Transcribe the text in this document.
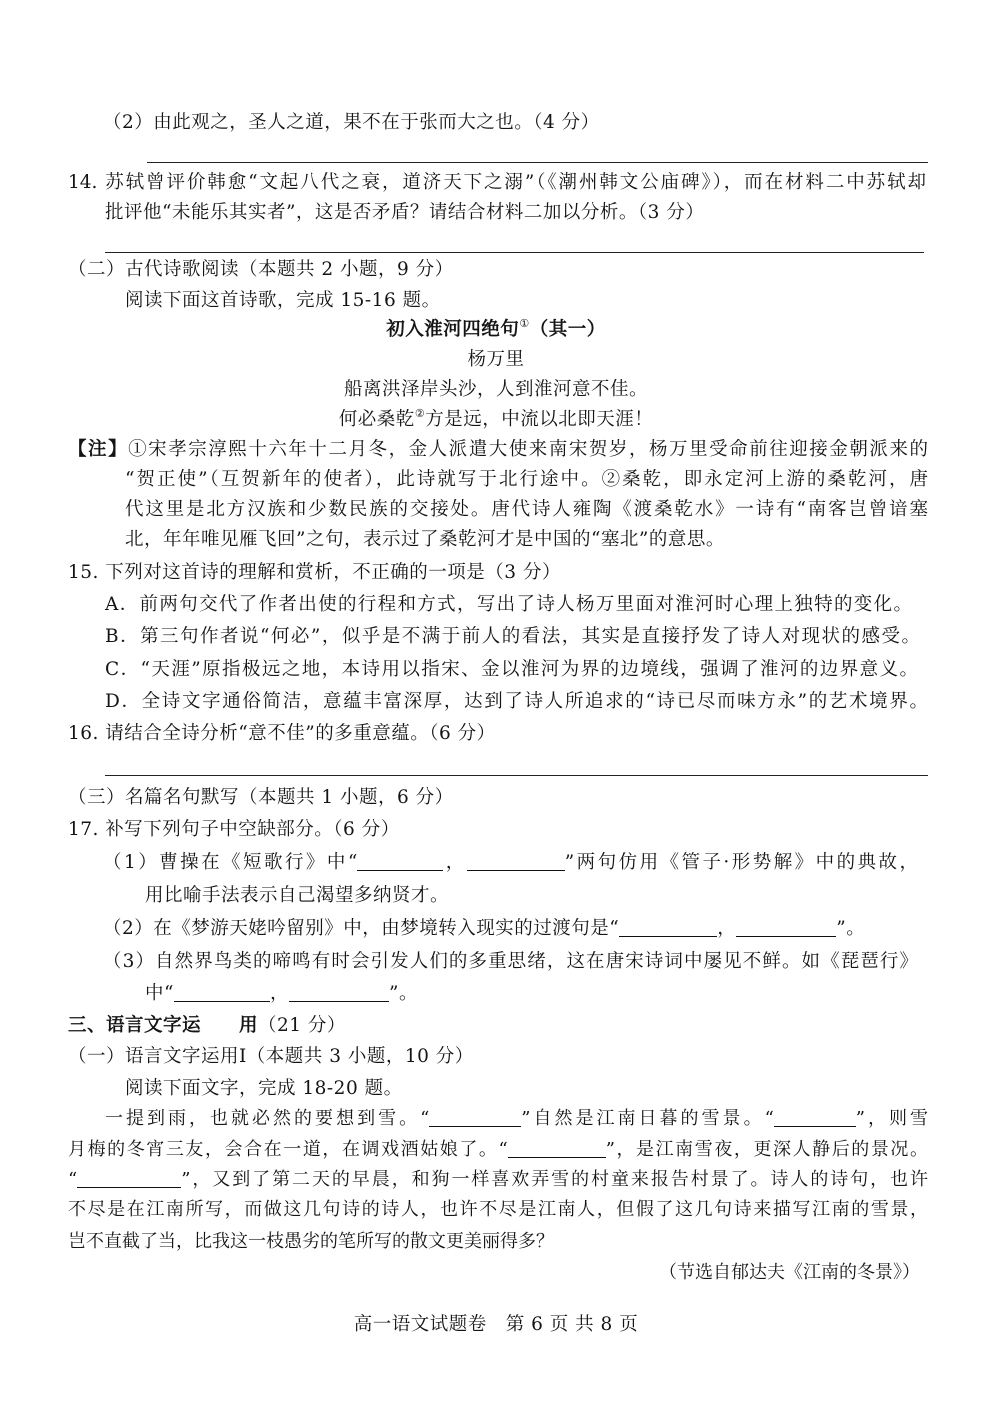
（2）由此观之，圣人之道，果不在于张而大之也。（4 分）
14. 苏轼曾评价韩愈“文起八代之衰，道济天下之溺”（《潮州韩文公庙碑》），而在材料二中苏轼却
批评他“未能乐其实者”，这是否矛盾？请结合材料二加以分析。（3 分）
（二）古代诗歌阅读（本题共 2 小题，9 分）
阅读下面这首诗歌，完成 15-16 题。
初入淮河四绝句①（其一）
杨万里
船离洪泽岸头沙，人到淮河意不佳。
何必桑乾②方是远，中流以北即天涯！
【注】①宋孝宗淳熙十六年十二月冬，金人派遣大使来南宋贺岁，杨万里受命前往迎接金朝派来的
“贺正使”（互贺新年的使者），此诗就写于北行途中。②桑乾，即永定河上游的桑乾河，唐
代这里是北方汉族和少数民族的交接处。唐代诗人雍陶《渡桑乾水》一诗有“南客岂曾谙塞
北，年年唯见雁飞回”之句，表示过了桑乾河才是中国的“塞北”的意思。
15. 下列对这首诗的理解和赏析，不正确的一项是（3 分）
A．前两句交代了作者出使的行程和方式，写出了诗人杨万里面对淮河时心理上独特的变化。
B．第三句作者说“何必”，似乎是不满于前人的看法，其实是直接抒发了诗人对现状的感受。
C．“天涯”原指极远之地，本诗用以指宋、金以淮河为界的边境线，强调了淮河的边界意义。
D．全诗文字通俗简洁，意蕴丰富深厚，达到了诗人所追求的“诗已尽而味方永”的艺术境界。
16. 请结合全诗分析“意不佳”的多重意蕴。（6 分）
（三）名篇名句默写（本题共 1 小题，6 分）
17. 补写下列句子中空缺部分。（6 分）
（1）曹操在《短歌行》中“	，	”两句仿用《管子·形势解》中的典故，
用比喻手法表示自己渴望多纳贤才。
（2）在《梦游天姥吟留别》中，由梦境转入现实的过渡句是“	，	”。
（3）自然界鸟类的啼鸣有时会引发人们的多重思绪，这在唐宋诗词中屡见不鲜。如《琵琶行》
中“	，	”。
三、语言文字运　　用（21 分）
（一）语言文字运用Ⅰ（本题共 3 小题，10 分）
阅读下面文字，完成 18-20 题。
一提到雨，也就必然的要想到雪。“	”自然是江南日暮的雪景。“	”，则雪
月梅的冬宵三友，会合在一道，在调戏酒姑娘了。“	”，是江南雪夜，更深人静后的景况。
“	”，又到了第二天的早晨，和狗一样喜欢弄雪的村童来报告村景了。诗人的诗句，也许
不尽是在江南所写，而做这几句诗的诗人，也许不尽是江南人，但假了这几句诗来描写江南的雪景，
岂不直截了当，比我这一枝愚劣的笔所写的散文更美丽得多？
（节选自郁达夫《江南的冬景》）
高一语文试题卷　第 6 页 共 8 页
